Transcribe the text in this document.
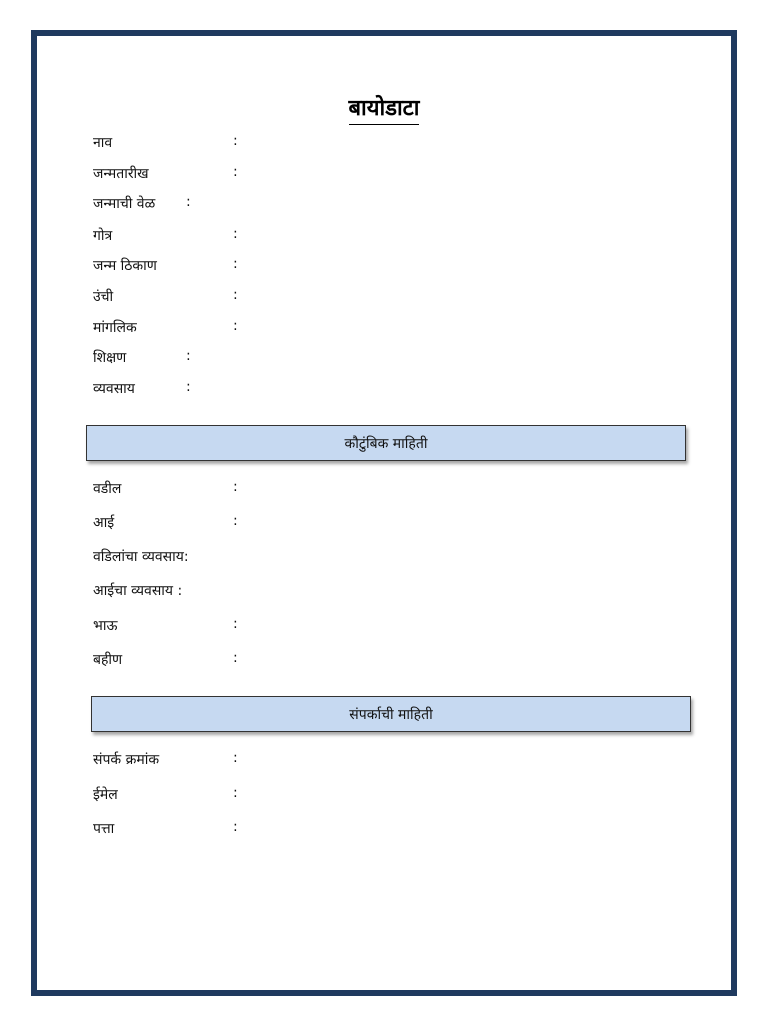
बायोडाटा
नाव	:
जन्मतारीख	:
जन्माची वेळ :
गोत्र	:
जन्म ठिकाण	:
उंची	:
मांगलिक	:
शिक्षण	:
व्यवसाय	:
कौटुंबिक माहिती
वडील	:
आई	:
वडिलांचा व्यवसाय:
आईचा व्यवसाय :
भाऊ	:
बहीण	:
संपर्काची माहिती
संपर्क क्रमांक	:
ईमेल	:
पत्ता	:
